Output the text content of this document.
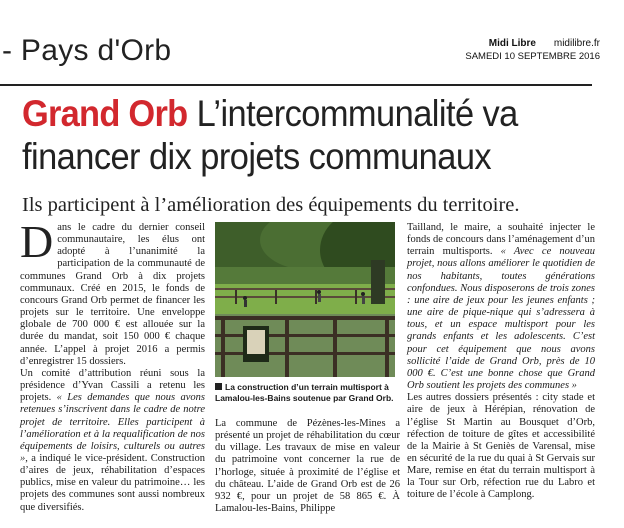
- Pays d'Orb	Midi Libre midilibre.fr
SAMEDI 10 SEPTEMBRE 2016
Grand Orb L’intercommunalité va financer dix projets communaux
Ils participent à l’amélioration des équipements du territoire.
D ans le cadre du dernier conseil communautaire, les élus ont adopté à l’unanimité la participation de la communauté de communes Grand Orb à dix projets communaux. Créé en 2015, le fonds de concours Grand Orb permet de financer les projets sur le territoire. Une enveloppe globale de 700 000 € est allouée sur la durée du mandat, soit 150 000 € chaque année. L’appel à projet 2016 a permis d’enregistrer 15 dossiers.

Un comité d’attribution réuni sous la présidence d’Yvan Cassili a retenu les projets. « Les demandes que nous avons retenues s’inscrivent dans le cadre de notre projet de territoire. Elles participent à l’amélioration et à la requalification de nos équipements de loisirs, culturels ou autres », a indiqué le vice-président. Construction d’aires de jeux, réhabilitation d’espaces publics, mise en valeur du patrimoine… les projets des communes sont aussi nombreux que diversifiés.

La construction d’un terrain multisport à Lamalou-les-Bains soutenue par Grand Orb.

La commune de Pézènes-les-Mines a présenté un projet de réhabilitation du cœur du village. Les travaux de mise en valeur du patrimoine vont concerner la rue de l’horloge, située à proximité de l’église et du château. L’aide de Grand Orb est de 26 932 €, pour un projet de 58 865 €. À Lamalou-les-Bains, Philippe

Tailland, le maire, a souhaité injecter le fonds de concours dans l’aménagement d’un terrain multisports. « Avec ce nouveau projet, nous allons améliorer le quotidien de nos habitants, toutes générations confondues. Nous disposerons de trois zones : une aire de jeux pour les jeunes enfants ; une aire de pique-nique qui s’adressera à tous, et un espace multisport pour les grands enfants et les adolescents. C’est pour cet équipement que nous avons sollicité l’aide de Grand Orb, près de 10 000 €. C’est une bonne chose que Grand Orb soutient les projets des communes »

Les autres dossiers présentés : city stade et aire de jeux à Hérépian, rénovation de l’église St Martin au Bousquet d’Orb, réfection de toiture de gîtes et accessibilité de la Mairie à St Geniès de Varensal, mise en sécurité de la rue du quai à St Gervais sur Mare, remise en état du terrain multisport à la Tour sur Orb, réfection rue du Labro et toiture de l’école à Camplong.
